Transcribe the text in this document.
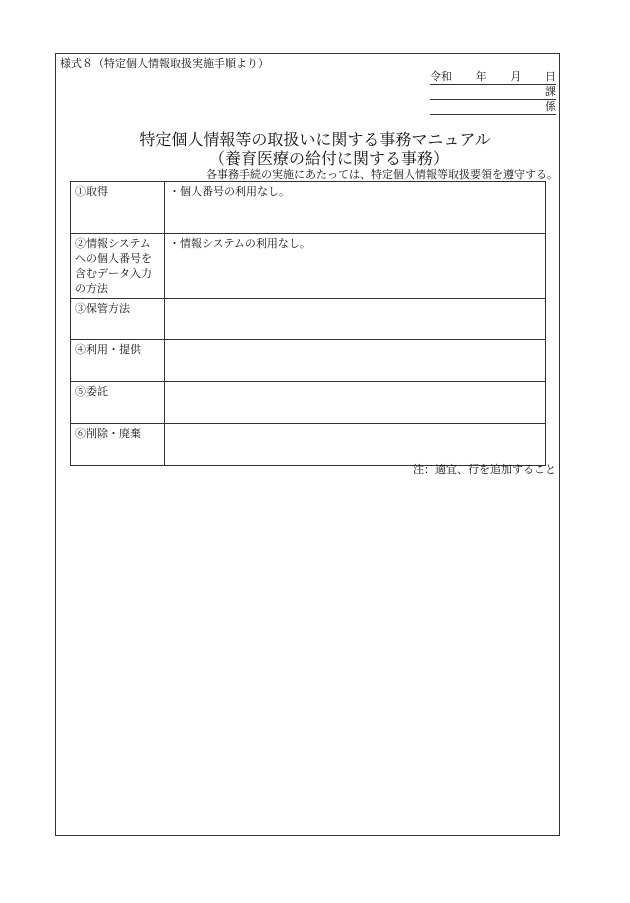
様式８（特定個人情報取扱実施手順より）
令和 年 月 日
課
係
特定個人情報等の取扱いに関する事務マニュアル
（養育医療の給付に関する事務）
各事務手続の実施にあたっては、特定個人情報等取扱要領を遵守する。
①取得	・個人番号の利用なし。
②情報システムへの個人番号を含むデータ入力の方法	・情報システムの利用なし。
③保管方法	
④利用・提供	
⑤委託	
⑥削除・廃棄	
注：適宜、行を追加すること
